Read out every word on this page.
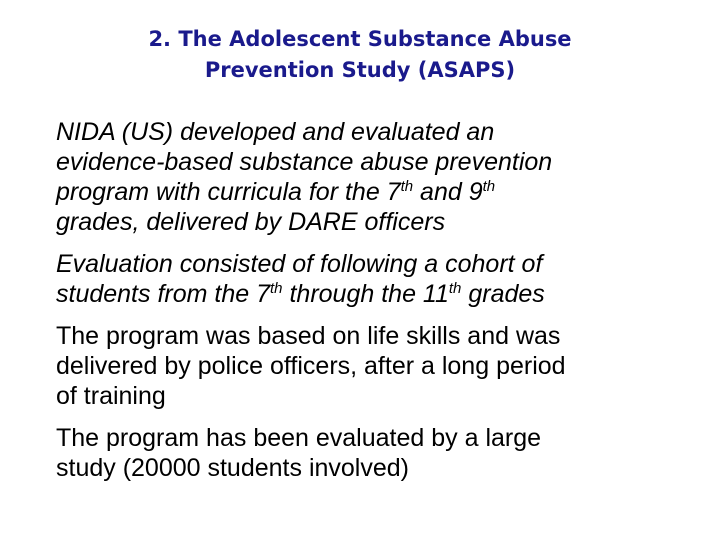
2. The Adolescent Substance Abuse
Prevention Study (ASAPS)
NIDA (US) developed and evaluated an
evidence-based substance abuse prevention
program with curricula for the 7th and 9th
grades, delivered by DARE officers
Evaluation consisted of following a cohort of
students from the 7th through the 11th grades
The program was based on life skills and was
delivered by police officers, after a long period
of training
The program has been evaluated by a large
study (20000 students involved)
